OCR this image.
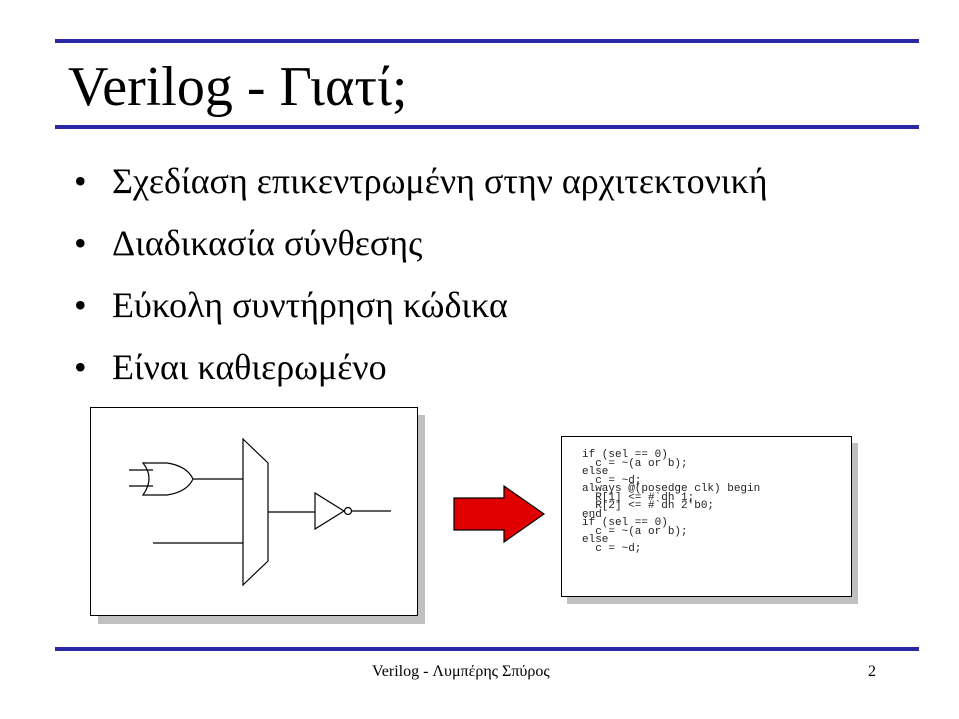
Verilog - Γιατί;
• Σχεδίαση επικεντρωμένη στην αρχιτεκτονική
• Διαδικασία σύνθεσης
• Εύκολη συντήρηση κώδικα
• Είναι καθιερωμένο
if (sel == 0)
c = ~(a or b);
else
c = ~d;
always @(posedge clk) begin
R[1] <= #`dh 1;
R[2] <= #`dh 2'b0;
end
if (sel == 0)
c = ~(a or b);
else
c = ~d;
Verilog - Λυμπέρης Σπύρος	2
